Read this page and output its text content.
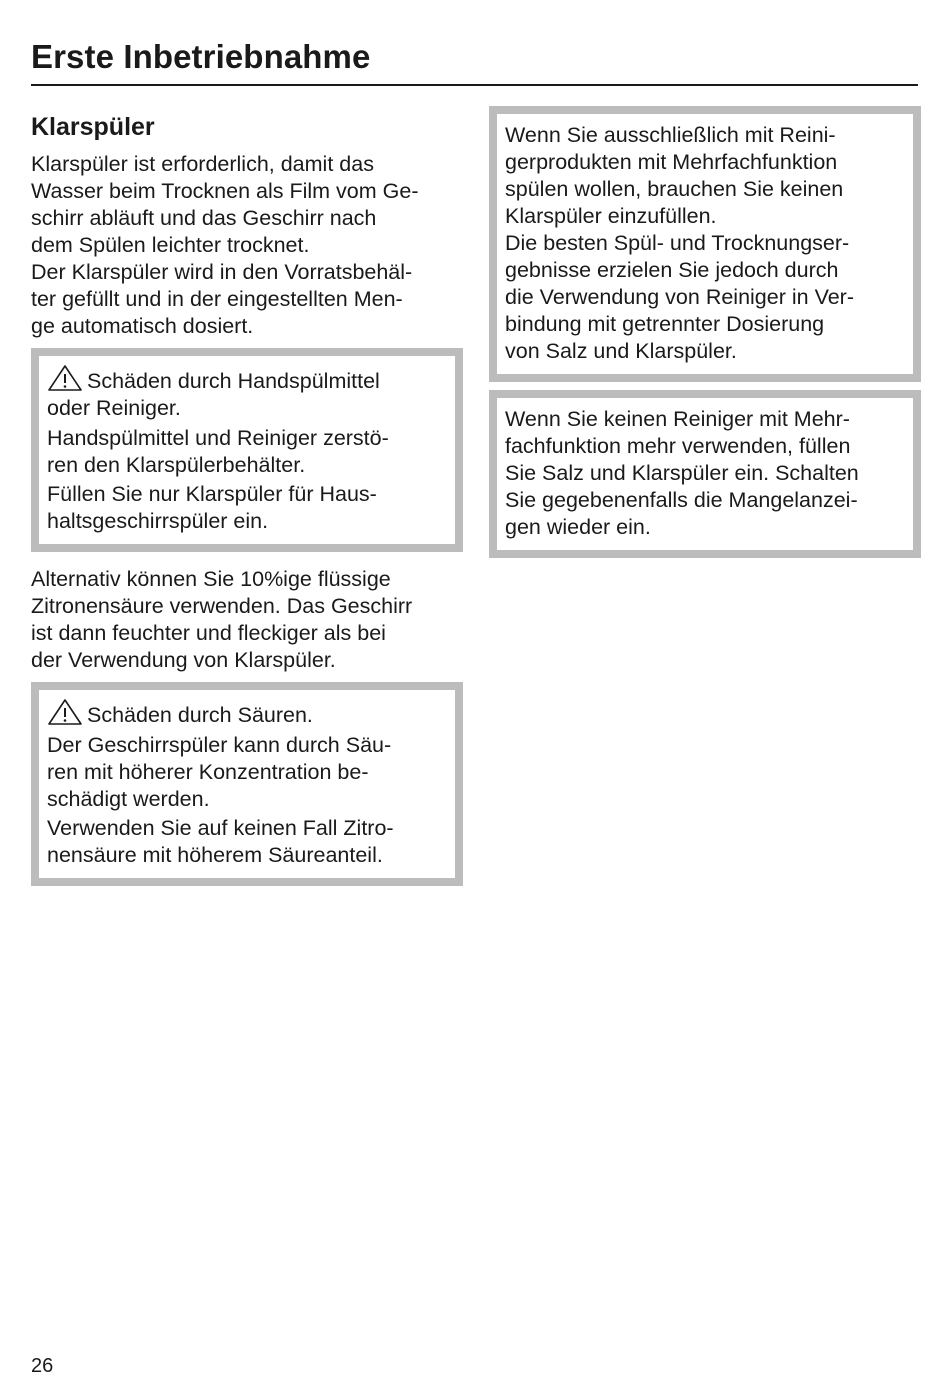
Erste Inbetriebnahme
Klarspüler
Klarspüler ist erforderlich, damit das
Wasser beim Trocknen als Film vom Ge-
schirr abläuft und das Geschirr nach
dem Spülen leichter trocknet.
Der Klarspüler wird in den Vorratsbehäl-
ter gefüllt und in der eingestellten Men-
ge automatisch dosiert.
Schäden durch Handspülmittel
oder Reiniger.
Handspülmittel und Reiniger zerstö-
ren den Klarspülerbehälter.
Füllen Sie nur Klarspüler für Haus-
haltsgeschirrspüler ein.
Alternativ können Sie 10%ige flüssige
Zitronensäure verwenden. Das Geschirr
ist dann feuchter und fleckiger als bei
der Verwendung von Klarspüler.
Schäden durch Säuren.
Der Geschirrspüler kann durch Säu-
ren mit höherer Konzentration be-
schädigt werden.
Verwenden Sie auf keinen Fall Zitro-
nensäure mit höherem Säureanteil.
Wenn Sie ausschließlich mit Reini-
gerprodukten mit Mehrfachfunktion
spülen wollen, brauchen Sie keinen
Klarspüler einzufüllen.
Die besten Spül- und Trocknungser-
gebnisse erzielen Sie jedoch durch
die Verwendung von Reiniger in Ver-
bindung mit getrennter Dosierung
von Salz und Klarspüler.
Wenn Sie keinen Reiniger mit Mehr-
fachfunktion mehr verwenden, füllen
Sie Salz und Klarspüler ein. Schalten
Sie gegebenenfalls die Mangelanzei-
gen wieder ein.
26
